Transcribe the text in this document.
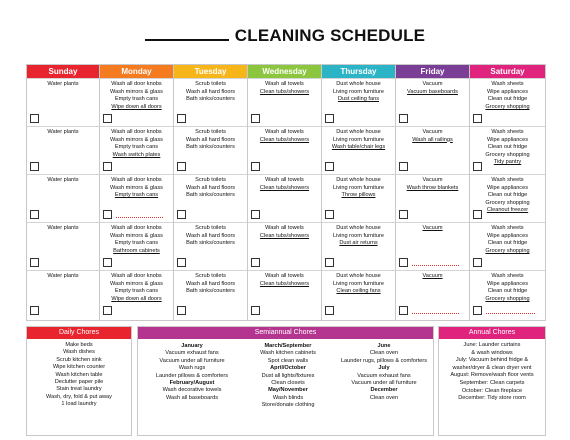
CLEANING SCHEDULE
Sunday
Water plants
Water plants
Water plants
Water plants
Water plants
Monday
Wash all door knobs
Wash mirrors & glass
Empty trash cans
Wipe down all doors
Wash all door knobs
Wash mirrors & glass
Empty trash cans
Wash switch plates
Wash all door knobs
Wash mirrors & glass
Empty trash cans
Wash all door knobs
Wash mirrors & glass
Empty trash cans
Bathroom cabinets
Wash all door knobs
Wash mirrors & glass
Empty trash cans
Wipe down all doors
Tuesday
Scrub toilets
Wash all hard floors
Bath sinks/counters
Scrub toilets
Wash all hard floors
Bath sinks/counters
Scrub toilets
Wash all hard floors
Bath sinks/counters
Scrub toilets
Wash all hard floors
Bath sinks/counters
Scrub toilets
Wash all hard floors
Bath sinks/counters
Wednesday
Wash all towels
Clean tubs/showers
Wash all towels
Clean tubs/showers
Wash all towels
Clean tubs/showers
Wash all towels
Clean tubs/showers
Wash all towels
Clean tubs/showers
Thursday
Dust whole house
Living room furniture
Dust ceiling fans
Dust whole house
Living room furniture
Wash table/chair legs
Dust whole house
Living room furniture
Throw pillows
Dust whole house
Living room furniture
Dust air returns
Dust whole house
Living room furniture
Clean ceiling fans
Friday
Vacuum
Vacuum baseboards
Vacuum
Wash all railings
Vacuum
Wash throw blankets
Vacuum
Vacuum
Saturday
Wash sheets
Wipe appliances
Clean out fridge
Grocery shopping
Wash sheets
Wipe appliances
Clean out fridge
Grocery shopping
Tidy pantry
Wash sheets
Wipe appliances
Clean out fridge
Grocery shopping
Cleanout freezer
Wash sheets
Wipe appliances
Clean out fridge
Grocery shopping
Wash sheets
Wipe appliances
Clean out fridge
Grocery shopping
Daily Chores
Make beds
Wash dishes
Scrub kitchen sink
Wipe kitchen counter
Wash kitchen table
Declutter paper pile
Stain treat laundry
Wash, dry, fold & put away
1 load laundry
Semiannual Chores
January
Vacuum exhaust fans
Vacuum under all furniture
Wash rugs
Launder pillows & comforters
February/August
Wash decorative towels
Wash all baseboards
March/September
Wash kitchen cabinets
Spot clean walls
April/October
Dust all lights/fixtures
Clean closets
May/November
Wash blinds
Store/donate clothing
June
Clean oven
Launder rugs, pillows & comforters
July
Vacuum exhaust fans
Vacuum under all furniture
December
Clean oven
Annual Chores
June: Launder curtains
& wash windows
July: Vacuum behind fridge &
washer/dryer & clean dryer vent
August: Remove/wash floor vents
September: Clean carpets
October: Clean fireplace
December: Tidy store room
